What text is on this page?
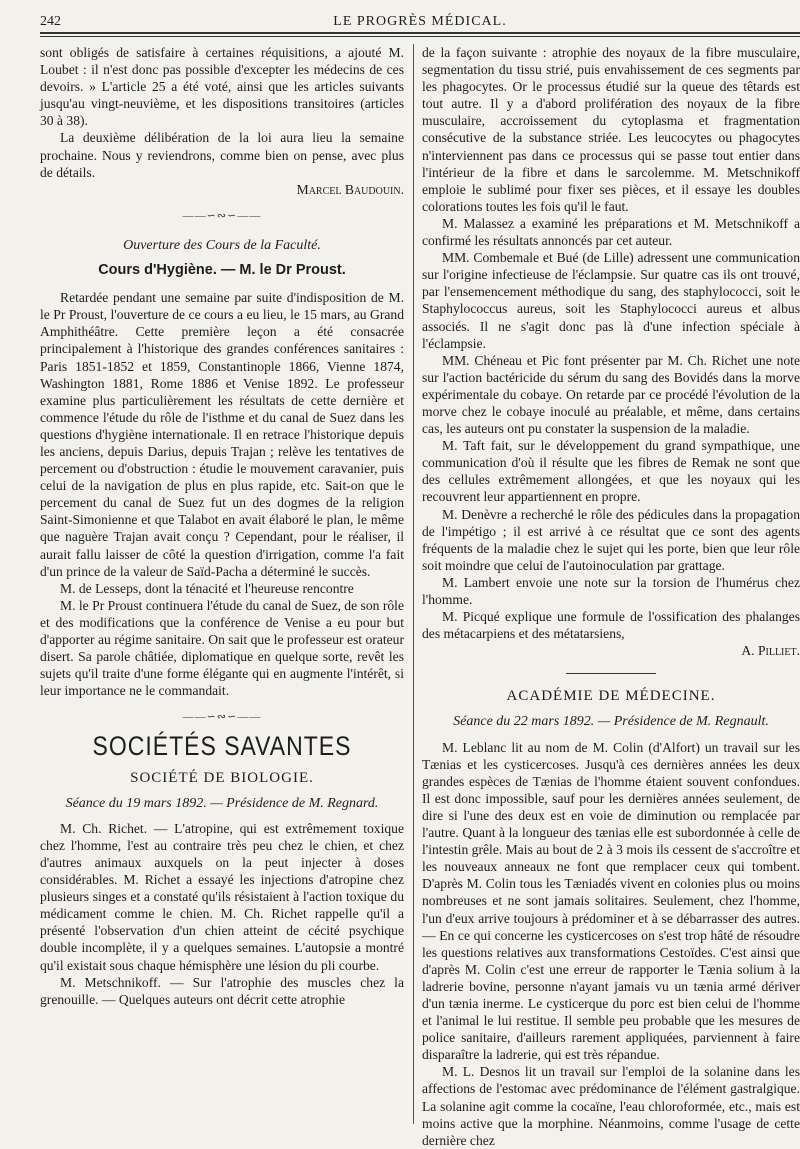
242	LE PROGRÈS MÉDICAL.

sont obligés de satisfaire à certaines réquisitions, a ajouté M. Loubet : il n'est donc pas possible d'excepter les médecins de ces devoirs. » L'article 25 a été voté, ainsi que les articles suivants jusqu'au vingt-neuvième, et les dispositions transitoires (articles 30 à 38).

La deuxième délibération de la loi aura lieu la semaine prochaine. Nous y reviendrons, comme bien on pense, avec plus de détails.

Marcel Baudouin.

——∽∾∽——
Ouverture des Cours de la Faculté.
Cours d'Hygiène. — M. le Dr Proust.

Retardée pendant une semaine par suite d'indisposition de M. le Pr Proust, l'ouverture de ce cours a eu lieu, le 15 mars, au Grand Amphithéâtre. Cette première leçon a été consacrée principalement à l'historique des grandes conférences sanitaires : Paris 1851-1852 et 1859, Constantinople 1866, Vienne 1874, Washington 1881, Rome 1886 et Venise 1892. Le professeur examine plus particulièrement les résultats de cette dernière et commence l'étude du rôle de l'isthme et du canal de Suez dans les questions d'hygiène internationale. Il en retrace l'historique depuis les anciens, depuis Darius, depuis Trajan ; relève les tentatives de percement ou d'obstruction : étudie le mouvement caravanier, puis celui de la navigation de plus en plus rapide, etc. Sait-on que le percement du canal de Suez fut un des dogmes de la religion Saint-Simonienne et que Talabot en avait élaboré le plan, le même que naguère Trajan avait conçu ? Cependant, pour le réaliser, il aurait fallu laisser de côté la question d'irrigation, comme l'a fait d'un prince de la valeur de Saïd-Pacha a déterminé le succès.

M. de Lesseps, dont la ténacité et l'heureuse rencontre

M. le Pr Proust continuera l'étude du canal de Suez, de son rôle et des modifications que la conférence de Venise a eu pour but d'apporter au régime sanitaire. On sait que le professeur est orateur disert. Sa parole châtiée, diplomatique en quelque sorte, revêt les sujets qu'il traite d'une forme élégante qui en augmente l'intérêt, si leur importance ne le commandait.

——∽∾∽——
SOCIÉTÉS SAVANTES
SOCIÉTÉ DE BIOLOGIE.
Séance du 19 mars 1892. — Présidence de M. Regnard.

M. Ch. Richet. — L'atropine, qui est extrêmement toxique chez l'homme, l'est au contraire très peu chez le chien, et chez d'autres animaux auxquels on la peut injecter à doses considérables. M. Richet a essayé les injections d'atropine chez plusieurs singes et a constaté qu'ils résistaient à l'action toxique du médicament comme le chien. M. Ch. Richet rappelle qu'il a présenté l'observation d'un chien atteint de cécité psychique double incomplète, il y a quelques semaines. L'autopsie a montré qu'il existait sous chaque hémisphère une lésion du pli courbe.

M. Metschnikoff. — Sur l'atrophie des muscles chez la grenouille. — Quelques auteurs ont décrit cette atrophie

de la façon suivante : atrophie des noyaux de la fibre musculaire, segmentation du tissu strié, puis envahissement de ces segments par les phagocytes. Or le processus étudié sur la queue des têtards est tout autre. Il y a d'abord prolifération des noyaux de la fibre musculaire, accroissement du cytoplasma et fragmentation consécutive de la substance striée. Les leucocytes ou phagocytes n'interviennent pas dans ce processus qui se passe tout entier dans l'intérieur de la fibre et dans le sarcolemme. M. Metschnikoff emploie le sublimé pour fixer ses pièces, et il essaye les doubles colorations toutes les fois qu'il le faut.

M. Malassez a examiné les préparations et M. Metschnikoff a confirmé les résultats annoncés par cet auteur.

MM. Combemale et Bué (de Lille) adressent une communication sur l'origine infectieuse de l'éclampsie. Sur quatre cas ils ont trouvé, par l'ensemencement méthodique du sang, des staphylococci, soit le Staphylococcus aureus, soit les Staphylococci aureus et albus associés. Il ne s'agit donc pas là d'une infection spéciale à l'éclampsie.

MM. Chéneau et Pic font présenter par M. Ch. Richet une note sur l'action bactéricide du sérum du sang des Bovidés dans la morve expérimentale du cobaye. On retarde par ce procédé l'évolution de la morve chez le cobaye inoculé au préalable, et même, dans certains cas, les auteurs ont pu constater la suspension de la maladie.

M. Taft fait, sur le développement du grand sympathique, une communication d'où il résulte que les fibres de Remak ne sont que des cellules extrêmement allongées, et que les noyaux qui les recouvrent leur appartiennent en propre.

M. Denèvre a recherché le rôle des pédicules dans la propagation de l'impétigo ; il est arrivé à ce résultat que ce sont des agents fréquents de la maladie chez le sujet qui les porte, bien que leur rôle soit moindre que celui de l'autoinoculation par grattage.

M. Lambert envoie une note sur la torsion de l'humérus chez l'homme.

M. Picqué explique une formule de l'ossification des phalanges des métacarpiens et des métatarsiens,

A. Pilliet.

ACADÉMIE DE MÉDECINE.
Séance du 22 mars 1892. — Présidence de M. Regnault.

M. Leblanc lit au nom de M. Colin (d'Alfort) un travail sur les Tænias et les cysticercoses. Jusqu'à ces dernières années les deux grandes espèces de Tænias de l'homme étaient souvent confondues. Il est donc impossible, sauf pour les dernières années seulement, de dire si l'une des deux est en voie de diminution ou remplacée par l'autre. Quant à la longueur des tænias elle est subordonnée à celle de l'intestin grêle. Mais au bout de 2 à 3 mois ils cessent de s'accroître et les nouveaux anneaux ne font que remplacer ceux qui tombent. D'après M. Colin tous les Tæniadés vivent en colonies plus ou moins nombreuses et ne sont jamais solitaires. Seulement, chez l'homme, l'un d'eux arrive toujours à prédominer et à se débarrasser des autres. — En ce qui concerne les cysticercoses on s'est trop hâté de résoudre les questions relatives aux transformations Cestoïdes. C'est ainsi que d'après M. Colin c'est une erreur de rapporter le Tænia solium à la ladrerie bovine, personne n'ayant jamais vu un tænia armé dériver d'un tænia inerme. Le cysticerque du porc est bien celui de l'homme et l'animal le lui restitue. Il semble peu probable que les mesures de police sanitaire, d'ailleurs rarement appliquées, parviennent à faire disparaître la ladrerie, qui est très répandue.

M. L. Desnos lit un travail sur l'emploi de la solanine dans les affections de l'estomac avec prédominance de l'élément gastralgique. La solanine agit comme la cocaïne, l'eau chloroformée, etc., mais est moins active que la morphine. Néanmoins, comme l'usage de cette dernière chez
